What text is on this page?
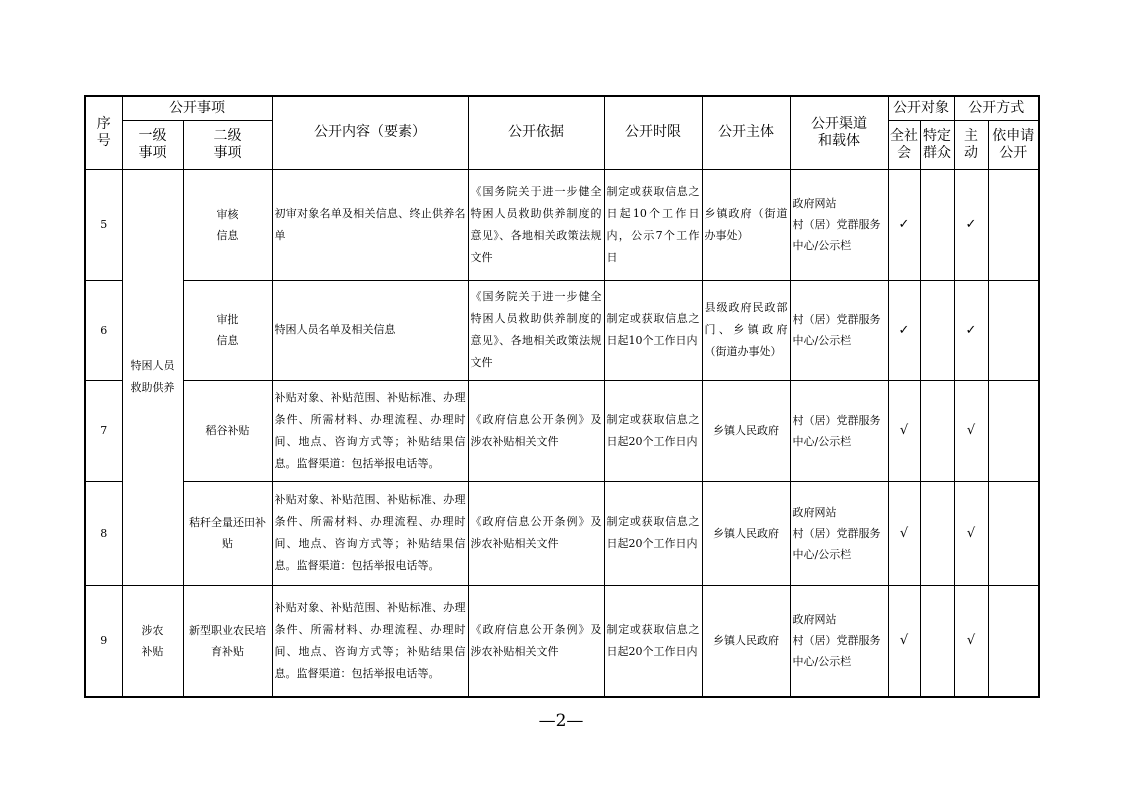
序号	公开事项		公开内容（要素）	公开依据	公开时限	公开主体	公开渠道和载体	公开对象		公开方式	
	一级事项	二级事项						全社会	特定群众	主动	依申请公开
5	特困人员救助供养	审核信息	初审对象名单及相关信息、终止供养名单	《国务院关于进一步健全特困人员救助供养制度的意见》、各地相关政策法规文件	制定或获取信息之日起10个工作日内，公示7个工作日	乡镇政府（街道办事处）	政府网站
村（居）党群服务中心/公示栏	✓		✓	
6		审批信息	特困人员名单及相关信息	《国务院关于进一步健全特困人员救助供养制度的意见》、各地相关政策法规文件	制定或获取信息之日起10个工作日内	县级政府民政部门、乡镇政府（街道办事处）	村（居）党群服务中心/公示栏	✓		✓	
7		稻谷补贴	补贴对象、补贴范围、补贴标准、办理条件、所需材料、办理流程、办理时间、地点、咨询方式等；补贴结果信息。监督渠道：包括举报电话等。	《政府信息公开条例》及涉农补贴相关文件	制定或获取信息之日起20个工作日内	乡镇人民政府	村（居）党群服务中心/公示栏	√		√	
8		秸秆全量还田补贴	补贴对象、补贴范围、补贴标准、办理条件、所需材料、办理流程、办理时间、地点、咨询方式等；补贴结果信息。监督渠道：包括举报电话等。	《政府信息公开条例》及涉农补贴相关文件	制定或获取信息之日起20个工作日内	乡镇人民政府	政府网站
村（居）党群服务中心/公示栏	√		√	
9	涉农补贴	新型职业农民培育补贴	补贴对象、补贴范围、补贴标准、办理条件、所需材料、办理流程、办理时间、地点、咨询方式等；补贴结果信息。监督渠道：包括举报电话等。	《政府信息公开条例》及涉农补贴相关文件	制定或获取信息之日起20个工作日内	乡镇人民政府	政府网站
村（居）党群服务中心/公示栏	√		√	
—2—
